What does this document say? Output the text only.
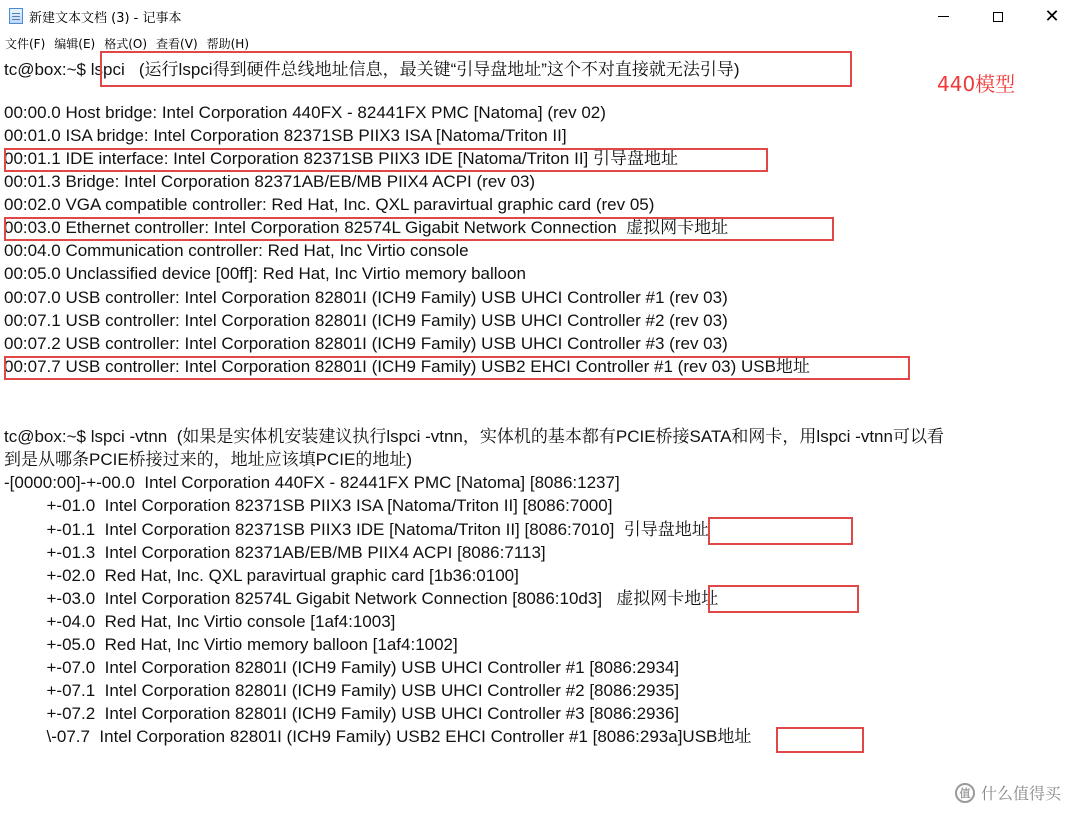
新建文本文档 (3) - 记事本	✕
文件(F) 编辑(E) 格式(O) 查看(V) 帮助(H)
tc@box:~$ lspci   (运行lspci得到硬件总线地址信息，最关键“引导盘地址”这个不对直接就无法引导)
00:00.0 Host bridge: Intel Corporation 440FX - 82441FX PMC [Natoma] (rev 02)
00:01.0 ISA bridge: Intel Corporation 82371SB PIIX3 ISA [Natoma/Triton II]
00:01.1 IDE interface: Intel Corporation 82371SB PIIX3 IDE [Natoma/Triton II] 引导盘地址
00:01.3 Bridge: Intel Corporation 82371AB/EB/MB PIIX4 ACPI (rev 03)
00:02.0 VGA compatible controller: Red Hat, Inc. QXL paravirtual graphic card (rev 05)
00:03.0 Ethernet controller: Intel Corporation 82574L Gigabit Network Connection  虚拟网卡地址
00:04.0 Communication controller: Red Hat, Inc Virtio console
00:05.0 Unclassified device [00ff]: Red Hat, Inc Virtio memory balloon
00:07.0 USB controller: Intel Corporation 82801I (ICH9 Family) USB UHCI Controller #1 (rev 03)
00:07.1 USB controller: Intel Corporation 82801I (ICH9 Family) USB UHCI Controller #2 (rev 03)
00:07.2 USB controller: Intel Corporation 82801I (ICH9 Family) USB UHCI Controller #3 (rev 03)
00:07.7 USB controller: Intel Corporation 82801I (ICH9 Family) USB2 EHCI Controller #1 (rev 03) USB地址
tc@box:~$ lspci -vtnn  (如果是实体机安装建议执行lspci -vtnn，实体机的基本都有PCIE桥接SATA和网卡，用lspci -vtnn可以看
到是从哪条PCIE桥接过来的，地址应该填PCIE的地址)
-[0000:00]-+-00.0  Intel Corporation 440FX - 82441FX PMC [Natoma] [8086:1237]
+-01.0  Intel Corporation 82371SB PIIX3 ISA [Natoma/Triton II] [8086:7000]
+-01.1  Intel Corporation 82371SB PIIX3 IDE [Natoma/Triton II] [8086:7010]  引导盘地址
+-01.3  Intel Corporation 82371AB/EB/MB PIIX4 ACPI [8086:7113]
+-02.0  Red Hat, Inc. QXL paravirtual graphic card [1b36:0100]
+-03.0  Intel Corporation 82574L Gigabit Network Connection [8086:10d3]   虚拟网卡地址
+-04.0  Red Hat, Inc Virtio console [1af4:1003]
+-05.0  Red Hat, Inc Virtio memory balloon [1af4:1002]
+-07.0  Intel Corporation 82801I (ICH9 Family) USB UHCI Controller #1 [8086:2934]
+-07.1  Intel Corporation 82801I (ICH9 Family) USB UHCI Controller #2 [8086:2935]
+-07.2  Intel Corporation 82801I (ICH9 Family) USB UHCI Controller #3 [8086:2936]
\-07.7  Intel Corporation 82801I (ICH9 Family) USB2 EHCI Controller #1 [8086:293a]USB地址
440模型
值 什么值得买
